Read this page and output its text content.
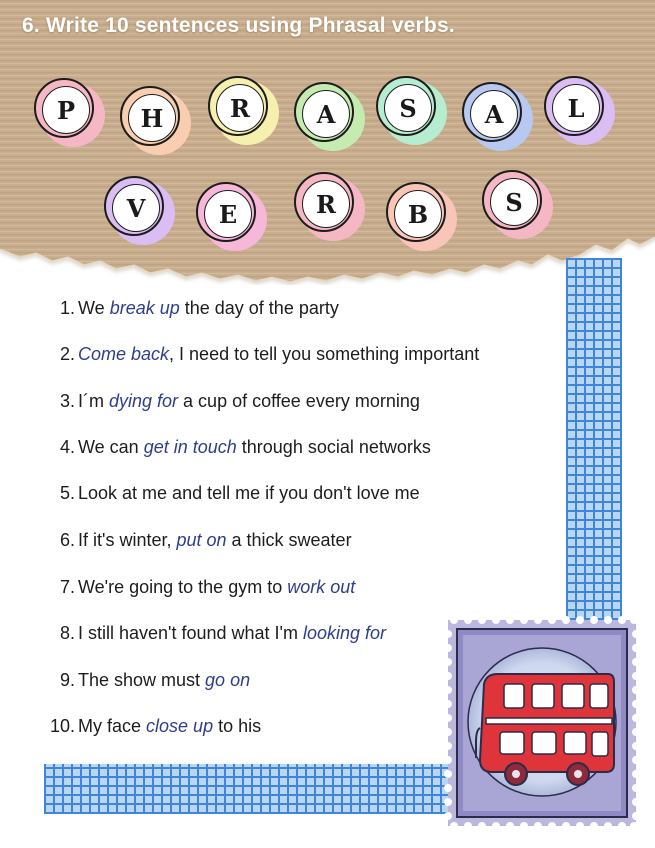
6. Write 10 sentences using Phrasal verbs.
P	H	R	A	S	A	L
V	E	R	B	S
1. We break up the day of the party
2. Come back , I need to tell you something important
3. I´m dying for a cup of coffee every morning
4. We can get in touch through social networks
5. Look at me and tell me if you don't love me
6. If it's winter, put on a thick sweater
7. We're going to the gym to work out
8. I still haven't found what I'm looking for
9. The show must go on
10. My face close up to his
